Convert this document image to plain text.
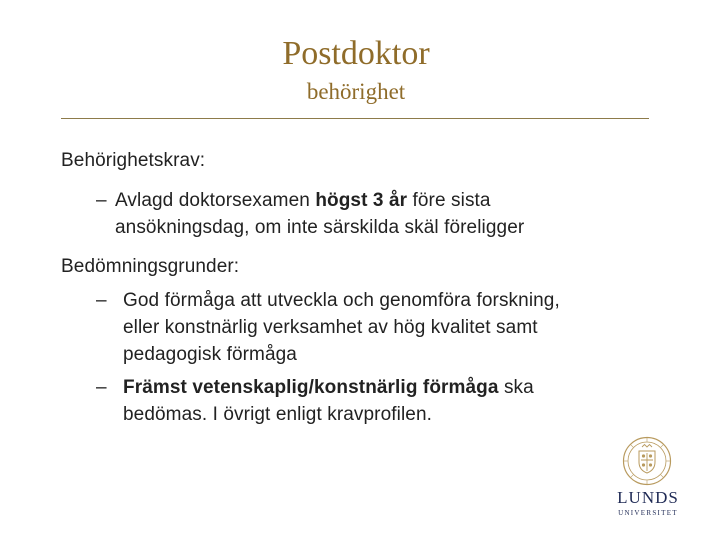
Postdoktor
behörighet
Behörighetskrav:
– Avlagd doktorsexamen högst 3 år före sista
ansökningsdag, om inte särskilda skäl föreligger
Bedömningsgrunder:
– God förmåga att utveckla och genomföra forskning,
eller konstnärlig verksamhet av hög kvalitet samt
pedagogisk förmåga
– Främst vetenskaplig/konstnärlig förmåga ska
bedömas. I övrigt enligt kravprofilen.
LUNDS
UNIVERSITET
